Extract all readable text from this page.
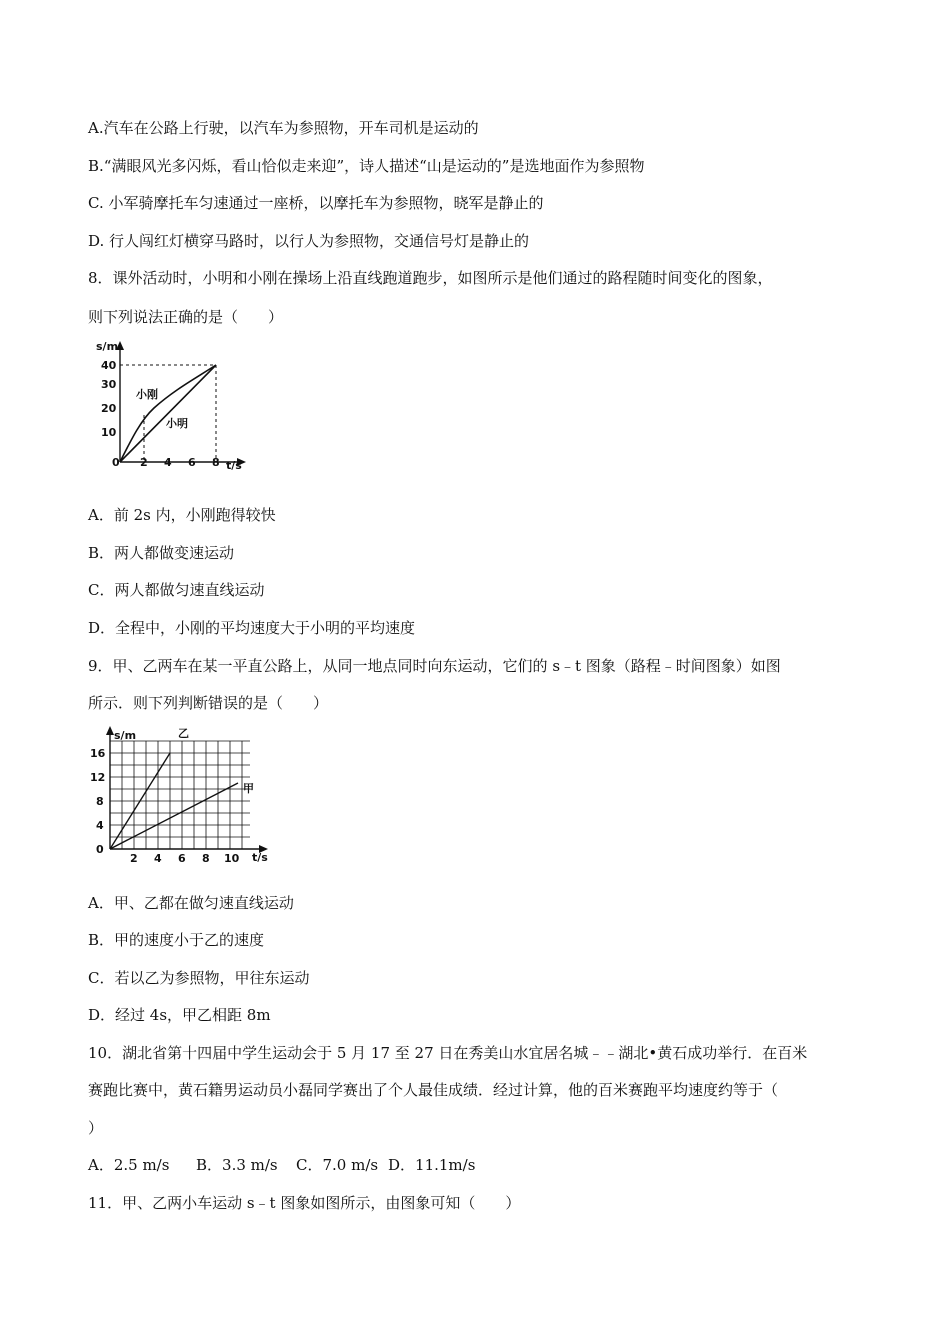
A.汽车在公路上行驶，以汽车为参照物，开车司机是运动的
B.“满眼风光多闪烁，看山恰似走来迎”，诗人描述“山是运动的”是选地面作为参照物
C. 小军骑摩托车匀速通过一座桥，以摩托车为参照物，晓军是静止的
D. 行人闯红灯横穿马路时，以行人为参照物，交通信号灯是静止的
8．课外活动时，小明和小刚在操场上沿直线跑道跑步，如图所示是他们通过的路程随时间变化的图象，
则下列说法正确的是（　　）
10
20
30
40
0 2 4 6 8
s/m
t/s
小刚
小明
A．前 2s 内，小刚跑得较快
B．两人都做变速运动
C．两人都做匀速直线运动
D．全程中，小刚的平均速度大于小明的平均速度
9．甲、乙两车在某一平直公路上，从同一地点同时向东运动，它们的 s﹣t 图象（路程﹣时间图象）如图
所示．则下列判断错误的是（　　）
16
12
8
4
0
2 4 6 8 10
s/m
t/s
乙
甲
A．甲、乙都在做匀速直线运动
B．甲的速度小于乙的速度
C．若以乙为参照物，甲往东运动
D．经过 4s，甲乙相距 8m
10．湖北省第十四届中学生运动会于 5 月 17 至 27 日在秀美山水宜居名城﹣﹣湖北•黄石成功举行．在百米
赛跑比赛中，黄石籍男运动员小磊同学赛出了个人最佳成绩．经过计算，他的百米赛跑平均速度约等于（
）
A．2.5 m/s B．3.3 m/s C．7.0 m/s D．11.1m/s
11．甲、乙两小车运动 s﹣t 图象如图所示，由图象可知（　　）
